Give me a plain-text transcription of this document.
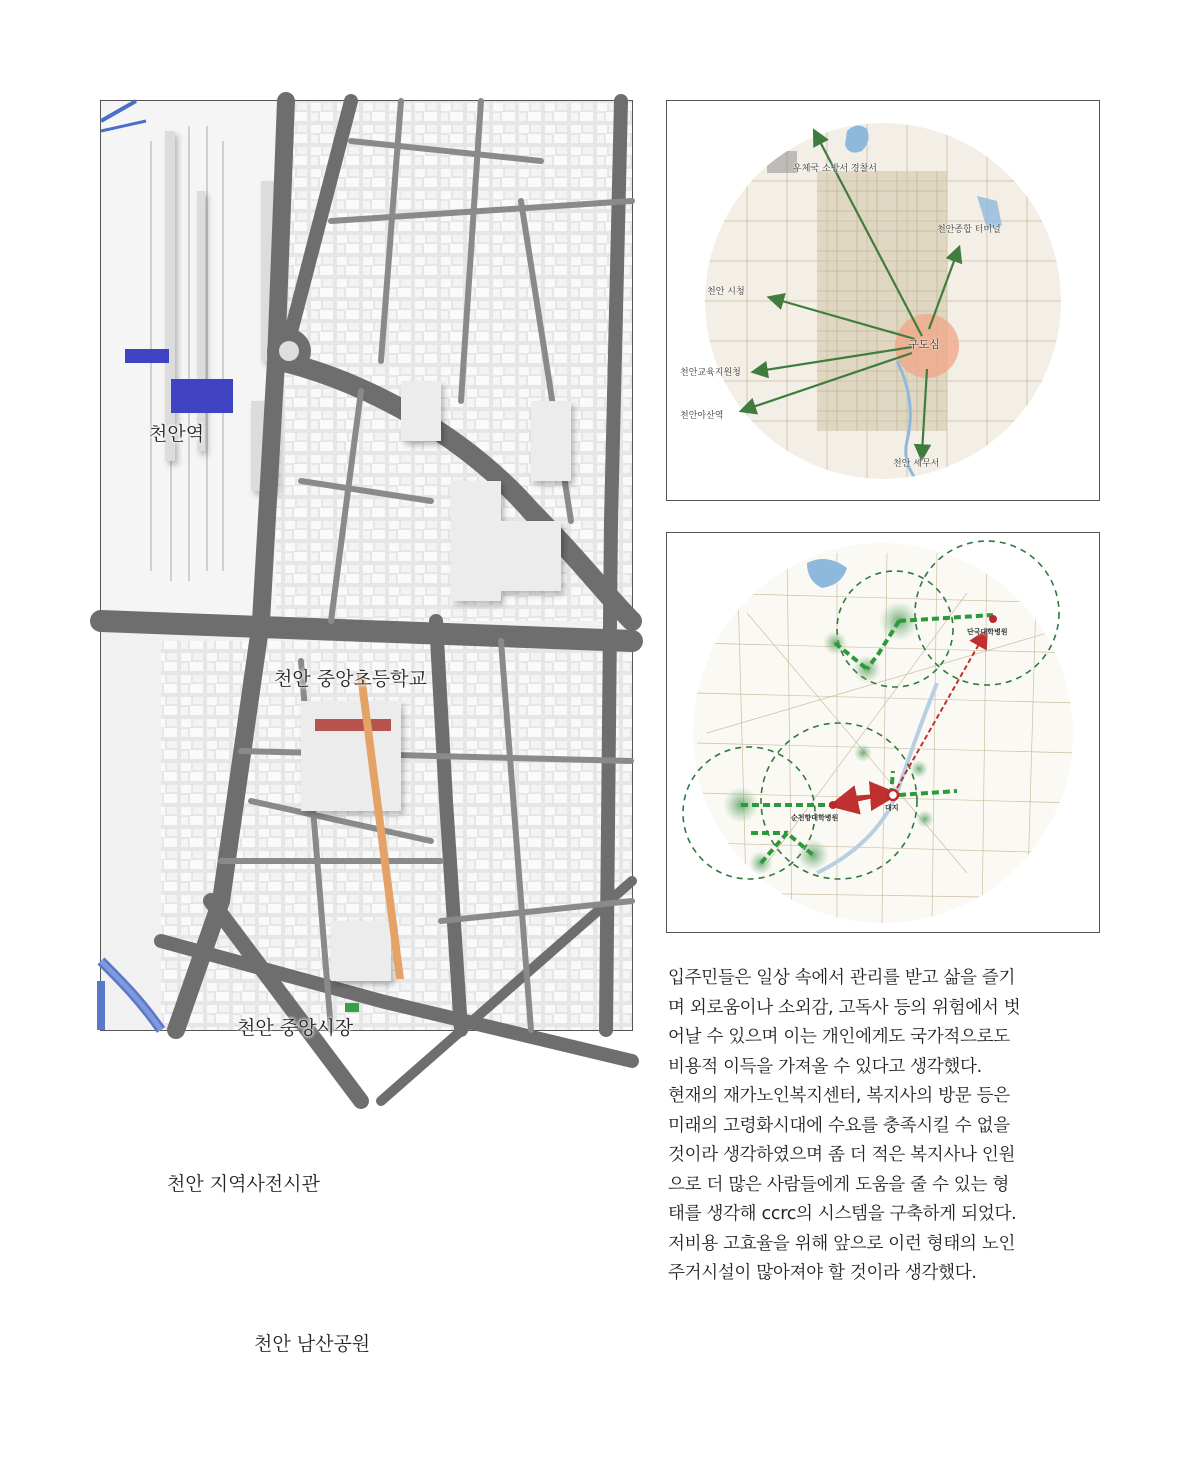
천안역
천안 중앙초등학교
천안 중앙시장
천안 지역사전시관
천안 남산공원
우체국 소방서 경찰서
천안종합 터미널
천안 시청
구도심
천안교육지원청
천안아산역
천안 세무서
단국대학병원
대지
순천향대학병원

입주민들은 일상 속에서 관리를 받고 삶을 즐기
며 외로움이나 소외감, 고독사 등의 위험에서 벗
어날 수 있으며 이는 개인에게도 국가적으로도
비용적 이득을 가져올 수 있다고 생각했다.

현재의 재가노인복지센터, 복지사의 방문 등은
미래의 고령화시대에 수요를 충족시킬 수 없을
것이라 생각하였으며 좀 더 적은 복지사나 인원
으로 더 많은 사람들에게 도움을 줄 수 있는 형
태를 생각해 ccrc의 시스템을 구축하게 되었다.

저비용 고효율을 위해 앞으로 이런 형태의 노인
주거시설이 많아져야 할 것이라 생각했다.
